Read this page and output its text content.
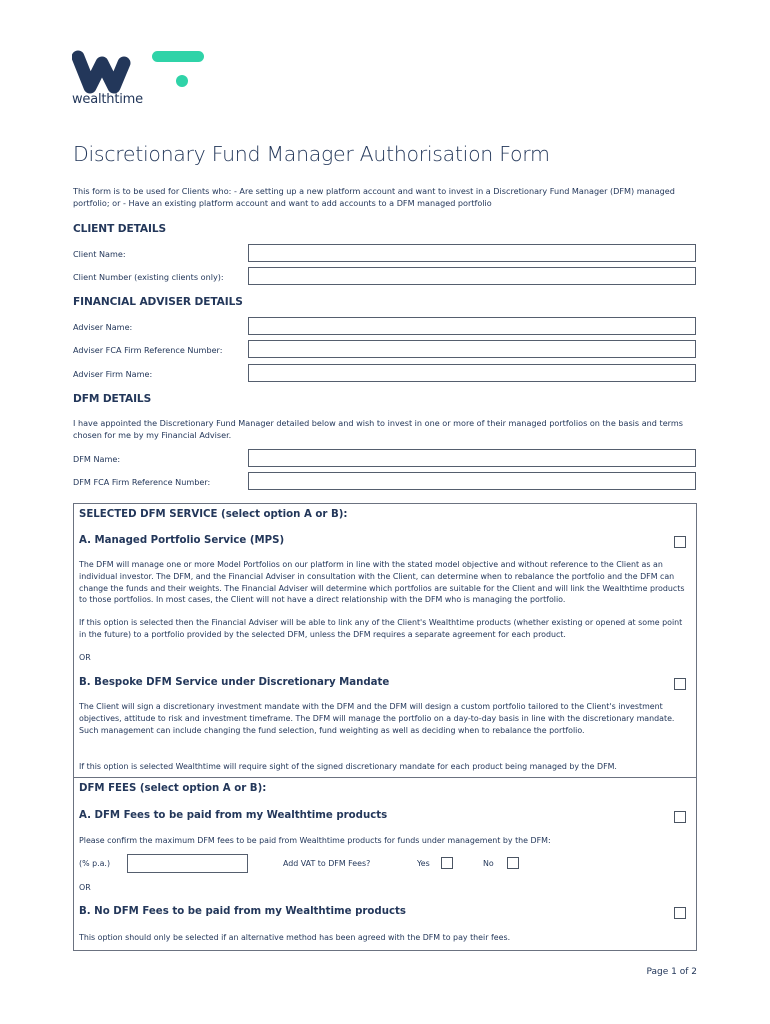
wealthtime
Discretionary Fund Manager Authorisation Form
This form is to be used for Clients who: - Are setting up a new platform account and want to invest in a Discretionary Fund Manager (DFM) managed portfolio; or - Have an existing platform account and want to add accounts to a DFM managed portfolio
CLIENT DETAILS
Client Name:
Client Number (existing clients only):
FINANCIAL ADVISER DETAILS
Adviser Name:
Adviser FCA Firm Reference Number:
Adviser Firm Name:
DFM DETAILS
I have appointed the Discretionary Fund Manager detailed below and wish to invest in one or more of their managed portfolios on the basis and terms chosen for me by my Financial Adviser.
DFM Name:
DFM FCA Firm Reference Number:
SELECTED DFM SERVICE (select option A or B):
A. Managed Portfolio Service (MPS)
The DFM will manage one or more Model Portfolios on our platform in line with the stated model objective and without reference to the Client as an individual investor. The DFM, and the Financial Adviser in consultation with the Client, can determine when to rebalance the portfolio and the DFM can change the funds and their weights. The Financial Adviser will determine which portfolios are suitable for the Client and will link the Wealthtime products to those portfolios. In most cases, the Client will not have a direct relationship with the DFM who is managing the portfolio.
If this option is selected then the Financial Adviser will be able to link any of the Client's Wealthtime products (whether existing or opened at some point in the future) to a portfolio provided by the selected DFM, unless the DFM requires a separate agreement for each product.
OR
B. Bespoke DFM Service under Discretionary Mandate
The Client will sign a discretionary investment mandate with the DFM and the DFM will design a custom portfolio tailored to the Client's investment objectives, attitude to risk and investment timeframe. The DFM will manage the portfolio on a day-to-day basis in line with the discretionary mandate. Such management can include changing the fund selection, fund weighting as well as deciding when to rebalance the portfolio.
If this option is selected Wealthtime will require sight of the signed discretionary mandate for each product being managed by the DFM.
DFM FEES (select option A or B):
A. DFM Fees to be paid from my Wealthtime products
Please confirm the maximum DFM fees to be paid from Wealthtime products for funds under management by the DFM:
(% p.a.)	Add VAT to DFM Fees?	Yes	No
OR
B. No DFM Fees to be paid from my Wealthtime products
This option should only be selected if an alternative method has been agreed with the DFM to pay their fees.
Page 1 of 2
